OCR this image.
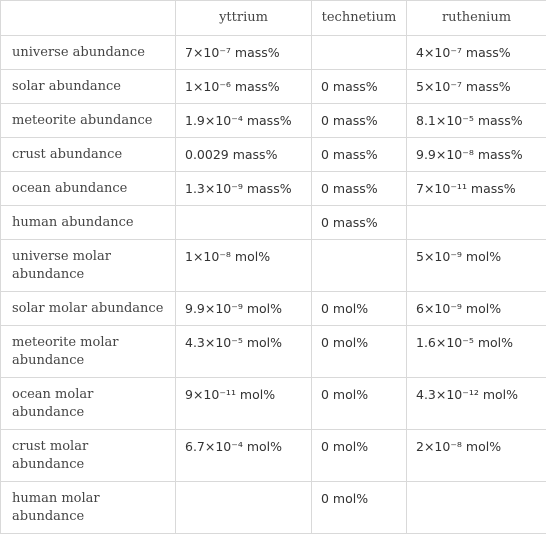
	yttrium	technetium	ruthenium
universe abundance	7×10⁻⁷ mass%		4×10⁻⁷ mass%
solar abundance	1×10⁻⁶ mass%	0 mass%	5×10⁻⁷ mass%
meteorite abundance	1.9×10⁻⁴ mass%	0 mass%	8.1×10⁻⁵ mass%
crust abundance	0.0029 mass%	0 mass%	9.9×10⁻⁸ mass%
ocean abundance	1.3×10⁻⁹ mass%	0 mass%	7×10⁻¹¹ mass%
human abundance		0 mass%	
universe molar abundance	1×10⁻⁸ mol%		5×10⁻⁹ mol%
solar molar abundance	9.9×10⁻⁹ mol%	0 mol%	6×10⁻⁹ mol%
meteorite molar abundance	4.3×10⁻⁵ mol%	0 mol%	1.6×10⁻⁵ mol%
ocean molar abundance	9×10⁻¹¹ mol%	0 mol%	4.3×10⁻¹² mol%
crust molar abundance	6.7×10⁻⁴ mol%	0 mol%	2×10⁻⁸ mol%
human molar abundance		0 mol%	
